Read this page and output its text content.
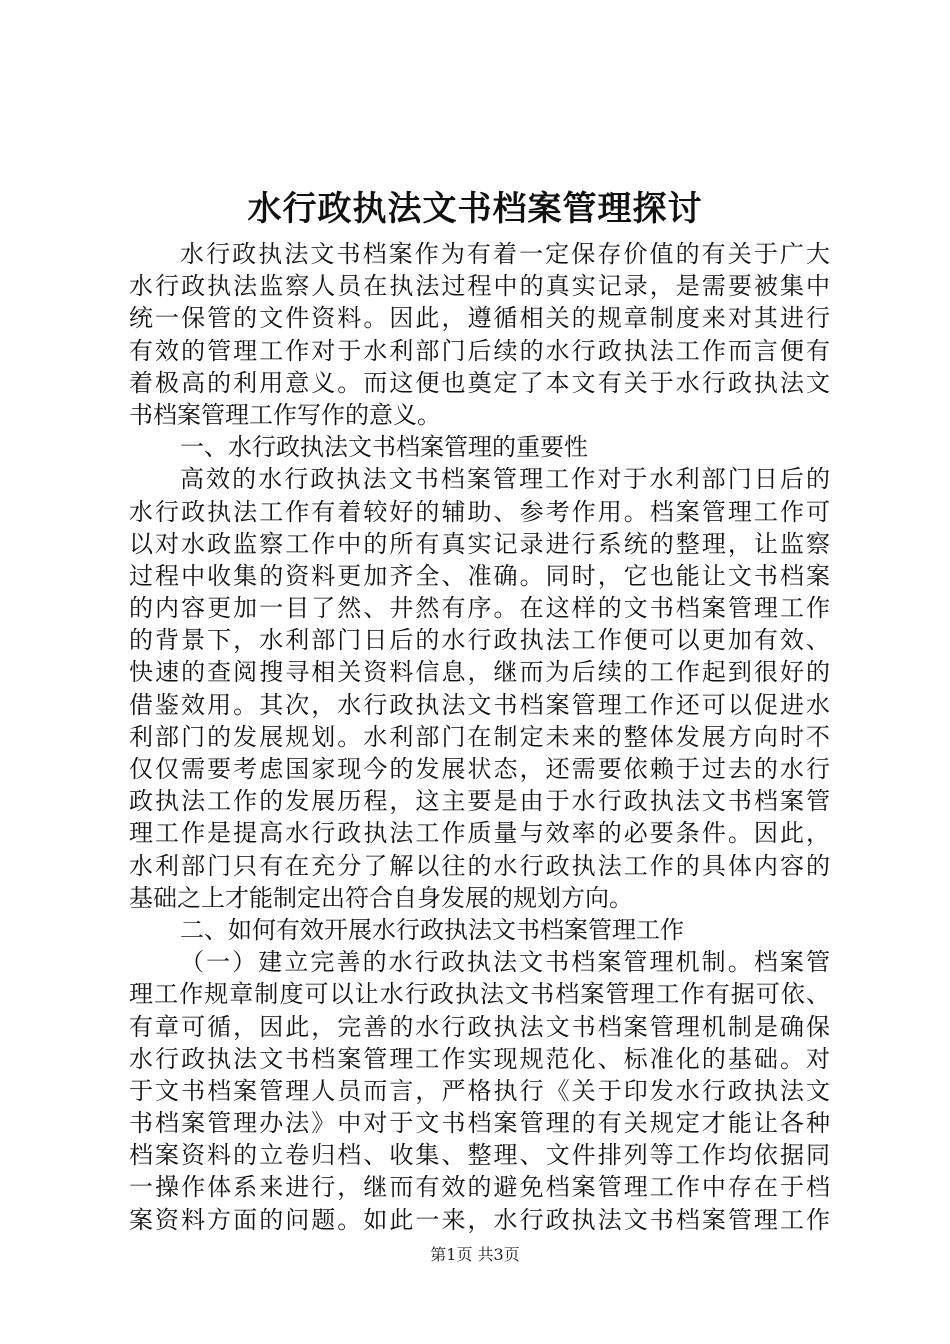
水行政执法文书档案管理探讨
水行政执法文书档案作为有着一定保存价值的有关于广大
水行政执法监察人员在执法过程中的真实记录，是需要被集中
统一保管的文件资料。因此，遵循相关的规章制度来对其进行
有效的管理工作对于水利部门后续的水行政执法工作而言便有
着极高的利用意义。而这便也奠定了本文有关于水行政执法文
书档案管理工作写作的意义。
一、水行政执法文书档案管理的重要性
高效的水行政执法文书档案管理工作对于水利部门日后的
水行政执法工作有着较好的辅助、参考作用。档案管理工作可
以对水政监察工作中的所有真实记录进行系统的整理，让监察
过程中收集的资料更加齐全、准确。同时，它也能让文书档案
的内容更加一目了然、井然有序。在这样的文书档案管理工作
的背景下，水利部门日后的水行政执法工作便可以更加有效、
快速的查阅搜寻相关资料信息，继而为后续的工作起到很好的
借鉴效用。其次，水行政执法文书档案管理工作还可以促进水
利部门的发展规划。水利部门在制定未来的整体发展方向时不
仅仅需要考虑国家现今的发展状态，还需要依赖于过去的水行
政执法工作的发展历程，这主要是由于水行政执法文书档案管
理工作是提高水行政执法工作质量与效率的必要条件。因此，
水利部门只有在充分了解以往的水行政执法工作的具体内容的
基础之上才能制定出符合自身发展的规划方向。
二、如何有效开展水行政执法文书档案管理工作
（一）建立完善的水行政执法文书档案管理机制。档案管
理工作规章制度可以让水行政执法文书档案管理工作有据可依、
有章可循，因此，完善的水行政执法文书档案管理机制是确保
水行政执法文书档案管理工作实现规范化、标准化的基础。对
于文书档案管理人员而言，严格执行《关于印发水行政执法文
书档案管理办法》中对于文书档案管理的有关规定才能让各种
档案资料的立卷归档、收集、整理、文件排列等工作均依据同
一操作体系来进行，继而有效的避免档案管理工作中存在于档
案资料方面的问题。如此一来，水行政执法文书档案管理工作
第1页 共3页
